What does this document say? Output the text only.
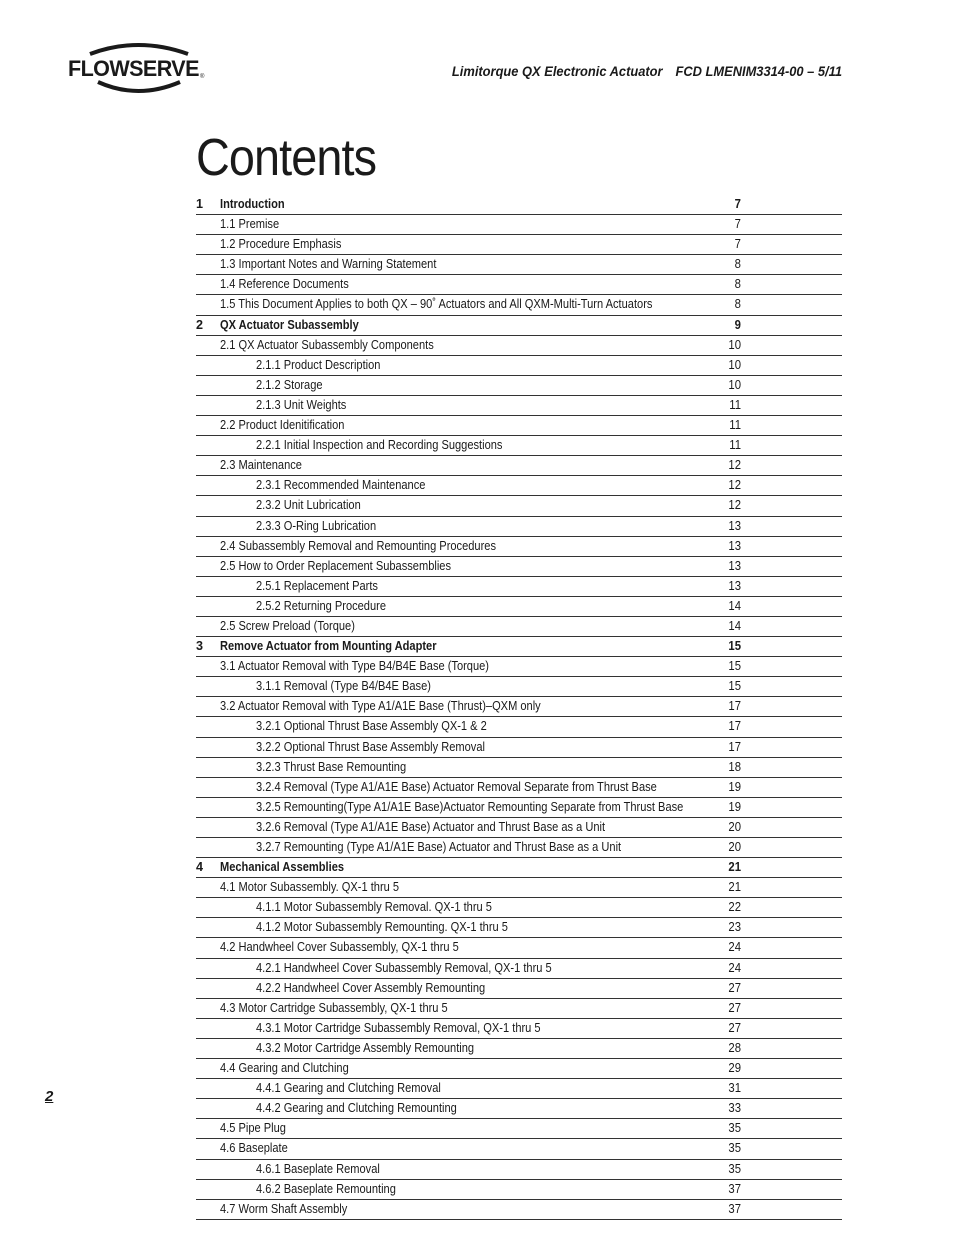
FLOWSERVE ®	Limitorque QX Electronic Actuator FCD LMENIM3314-00 – 5/11
Contents
1 Introduction	7
1.1 Premise	7
1.2 Procedure Emphasis	7
1.3 Important Notes and Warning Statement	8
1.4 Reference Documents	8
1.5 This Document Applies to both QX – 90˚ Actuators and All QXM-Multi-Turn Actuators	8
2 QX Actuator Subassembly	9
2.1 QX Actuator Subassembly Components	10
2.1.1 Product Description	10
2.1.2 Storage	10
2.1.3 Unit Weights	11
2.2 Product Idenitification	11
2.2.1 Initial Inspection and Recording Suggestions	11
2.3 Maintenance	12
2.3.1 Recommended Maintenance	12
2.3.2 Unit Lubrication	12
2.3.3 O-Ring Lubrication	13
2.4 Subassembly Removal and Remounting Procedures	13
2.5 How to Order Replacement Subassemblies	13
2.5.1 Replacement Parts	13
2.5.2 Returning Procedure	14
2.5 Screw Preload (Torque)	14
3 Remove Actuator from Mounting Adapter	15
3.1 Actuator Removal with Type B4/B4E Base (Torque)	15
3.1.1 Removal (Type B4/B4E Base)	15
3.2 Actuator Removal with Type A1/A1E Base (Thrust)–QXM only	17
3.2.1 Optional Thrust Base Assembly QX-1 & 2	17
3.2.2 Optional Thrust Base Assembly Removal	17
3.2.3 Thrust Base Remounting	18
3.2.4 Removal (Type A1/A1E Base) Actuator Removal Separate from Thrust Base	19
3.2.5 Remounting(Type A1/A1E Base)Actuator Remounting Separate from Thrust Base	19
3.2.6 Removal (Type A1/A1E Base) Actuator and Thrust Base as a Unit	20
3.2.7 Remounting (Type A1/A1E Base) Actuator and Thrust Base as a Unit	20
4 Mechanical Assemblies	21
4.1 Motor Subassembly. QX-1 thru 5	21
4.1.1 Motor Subassembly Removal. QX-1 thru 5	22
4.1.2 Motor Subassembly Remounting. QX-1 thru 5	23
4.2 Handwheel Cover Subassembly, QX-1 thru 5	24
4.2.1 Handwheel Cover Subassembly Removal, QX-1 thru 5	24
4.2.2 Handwheel Cover Assembly Remounting	27
4.3 Motor Cartridge Subassembly, QX-1 thru 5	27
4.3.1 Motor Cartridge Subassembly Removal, QX-1 thru 5	27
4.3.2 Motor Cartridge Assembly Remounting	28
4.4 Gearing and Clutching	29
4.4.1 Gearing and Clutching Removal	31
4.4.2 Gearing and Clutching Remounting	33
4.5 Pipe Plug	35
4.6 Baseplate	35
4.6.1 Baseplate Removal	35
4.6.2 Baseplate Remounting	37
4.7 Worm Shaft Assembly	37
2
